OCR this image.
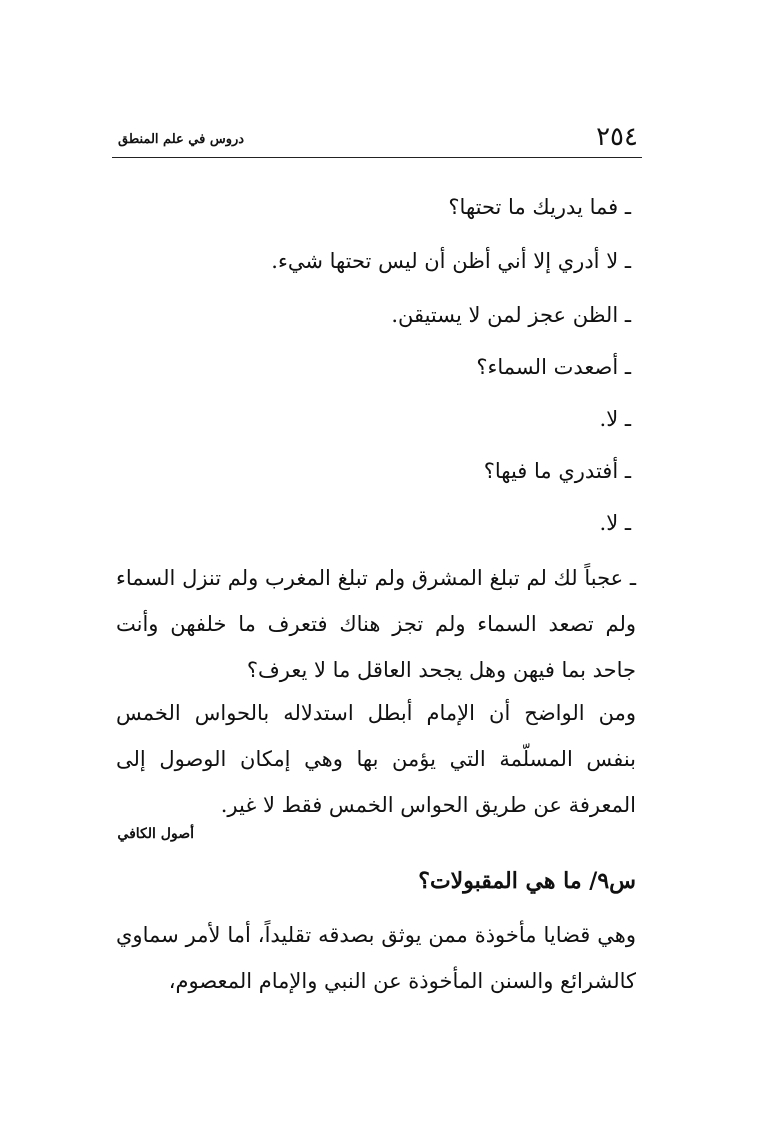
٢٥٤
دروس في علم المنطق
ـ فما يدريك ما تحتها؟
ـ لا أدري إلا أني أظن أن ليس تحتها شيء.
ـ الظن عجز لمن لا يستيقن.
ـ أصعدت السماء؟
ـ لا.
ـ أفتدري ما فيها؟
ـ لا.

ـ عجباً لك لم تبلغ المشرق ولم تبلغ المغرب ولم تنزل السماء ولم تصعد السماء ولم تجز هناك فتعرف ما خلفهن وأنت جاحد بما فيهن وهل يجحد العاقل ما لا يعرف؟

ومن الواضح أن الإمام أبطل استدلاله بالحواس الخمس بنفس المسلّمة التي يؤمن بها وهي إمكان الوصول إلى المعرفة عن طريق الحواس الخمس فقط لا غير.

أصول الكافي
س٩/ ما هي المقبولات؟

وهي قضايا مأخوذة ممن يوثق بصدقه تقليداً، أما لأمر سماوي كالشرائع والسنن المأخوذة عن النبي والإمام المعصوم،
